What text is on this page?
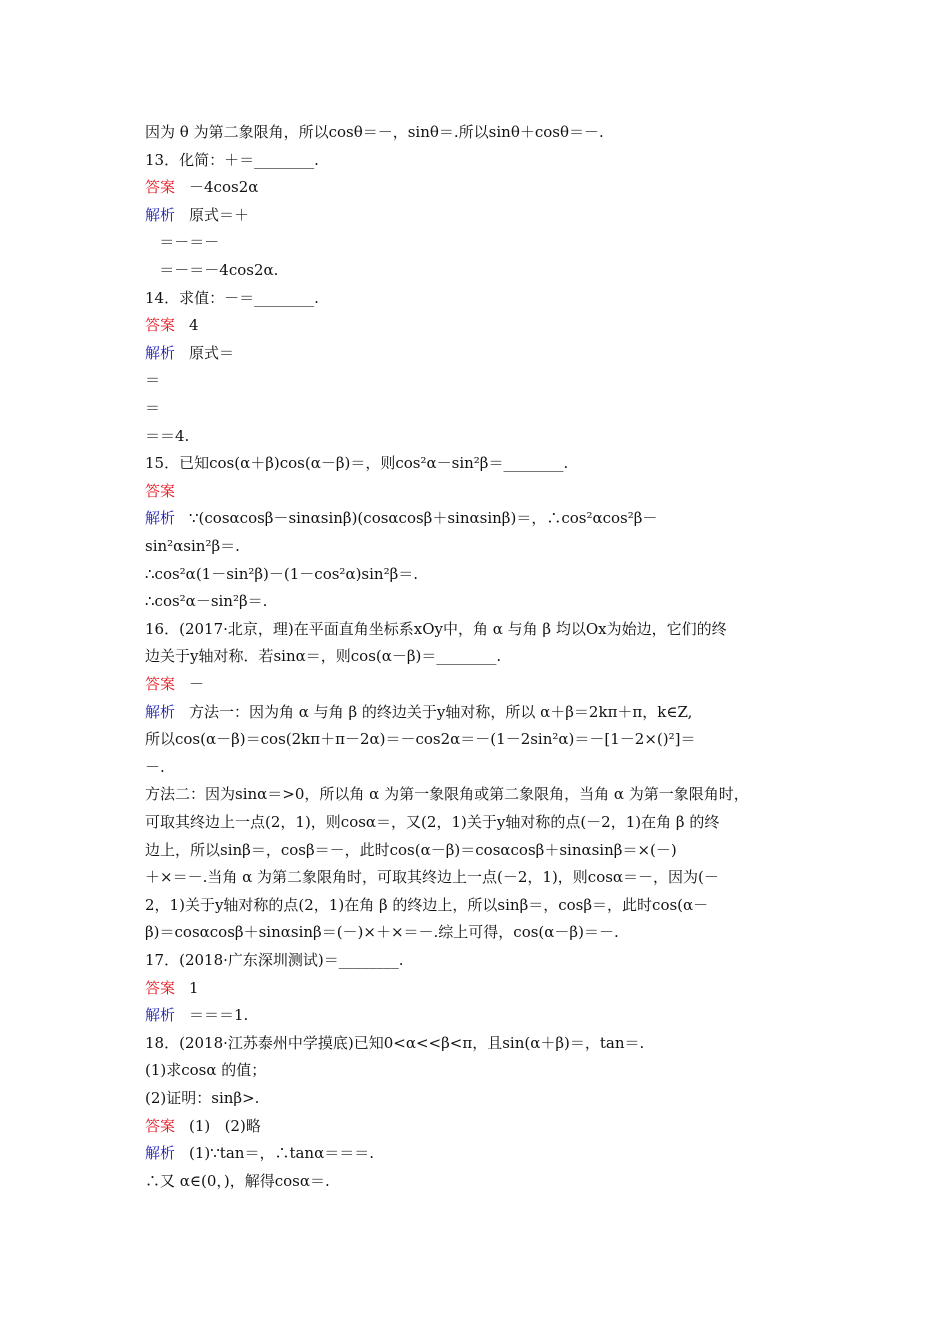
因为 θ 为第二象限角，所以cosθ＝－，sinθ＝.所以sinθ＋cosθ＝－.
13．化简：＋＝________.
答案 －4cos2α
解析 原式＝＋
＝－＝－
＝－＝－4cos2α.
14．求值：－＝________.
答案 4
解析 原式＝
＝
＝
＝＝4.
15．已知cos(α＋β)cos(α－β)＝，则cos²α－sin²β＝________.
答案
解析 ∵(cosαcosβ－sinαsinβ)(cosαcosβ＋sinαsinβ)＝，∴cos²αcos²β－
sin²αsin²β＝.
∴cos²α(1－sin²β)－(1－cos²α)sin²β＝.
∴cos²α－sin²β＝.
16．(2017·北京，理)在平面直角坐标系xOy中，角 α 与角 β 均以Ox为始边，它们的终
边关于y轴对称．若sinα＝，则cos(α－β)＝________.
答案 －
解析 方法一：因为角 α 与角 β 的终边关于y轴对称，所以 α＋β＝2kπ＋π，k∈Z,
所以cos(α－β)＝cos(2kπ＋π－2α)＝－cos2α＝－(1－2sin²α)＝－[1－2×()²]＝
－.
方法二：因为sinα＝>0，所以角 α 为第一象限角或第二象限角，当角 α 为第一象限角时，
可取其终边上一点(2，1)，则cosα＝，又(2，1)关于y轴对称的点(－2，1)在角 β 的终
边上，所以sinβ＝，cosβ＝－，此时cos(α－β)＝cosαcosβ＋sinαsinβ＝×(－)
＋×＝－.当角 α 为第二象限角时，可取其终边上一点(－2，1)，则cosα＝－，因为(－
2，1)关于y轴对称的点(2，1)在角 β 的终边上，所以sinβ＝，cosβ＝，此时cos(α－
β)＝cosαcosβ＋sinαsinβ＝(－)×＋×＝－.综上可得，cos(α－β)＝－.
17．(2018·广东深圳测试)＝________.
答案 1
解析 ＝＝＝1.
18．(2018·江苏泰州中学摸底)已知0<α<<β<π，且sin(α＋β)＝，tan＝.
(1)求cosα 的值；
(2)证明：sinβ>.
答案 (1)   (2)略
解析 (1)∵tan＝，∴tanα＝＝＝.
∴又 α∈(0，)，解得cosα＝.
